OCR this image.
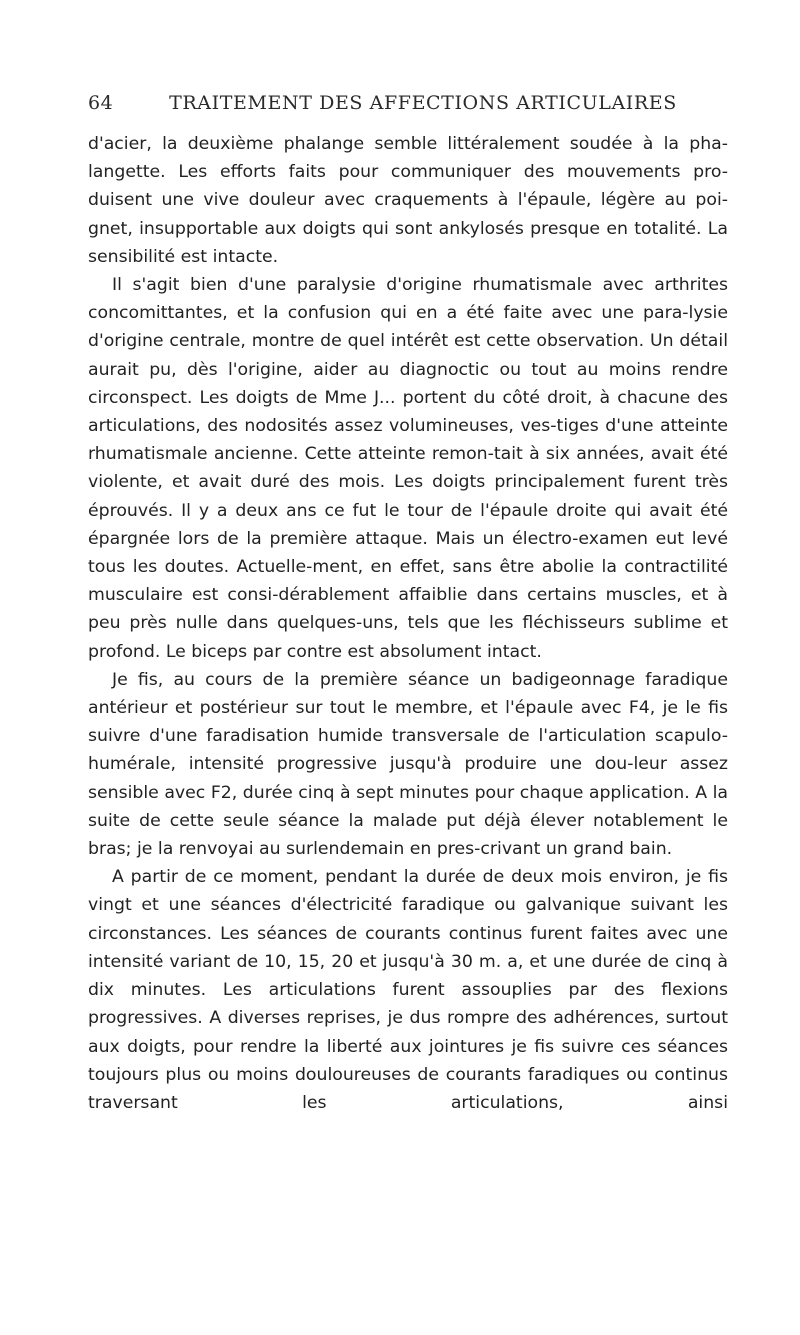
64	TRAITEMENT DES AFFECTIONS ARTICULAIRES

d'acier, la deuxième phalange semble littéralement soudée à la pha-langette. Les efforts faits pour communiquer des mouvements pro-duisent une vive douleur avec craquements à l'épaule, légère au poi-gnet, insupportable aux doigts qui sont ankylosés presque en totalité. La sensibilité est intacte.

Il s'agit bien d'une paralysie d'origine rhumatismale avec arthrites concomittantes, et la confusion qui en a été faite avec une para-lysie d'origine centrale, montre de quel intérêt est cette observation. Un détail aurait pu, dès l'origine, aider au diagnoctic ou tout au moins rendre circonspect. Les doigts de Mme J... portent du côté droit, à chacune des articulations, des nodosités assez volumineuses, ves-tiges d'une atteinte rhumatismale ancienne. Cette atteinte remon-tait à six années, avait été violente, et avait duré des mois. Les doigts principalement furent très éprouvés. Il y a deux ans ce fut le tour de l'épaule droite qui avait été épargnée lors de la première attaque. Mais un électro-examen eut levé tous les doutes. Actuelle-ment, en effet, sans être abolie la contractilité musculaire est consi-dérablement affaiblie dans certains muscles, et à peu près nulle dans quelques-uns, tels que les fléchisseurs sublime et profond. Le biceps par contre est absolument intact.

Je fis, au cours de la première séance un badigeonnage faradique antérieur et postérieur sur tout le membre, et l'épaule avec F4, je le fis suivre d'une faradisation humide transversale de l'articulation scapulo-humérale, intensité progressive jusqu'à produire une dou-leur assez sensible avec F2, durée cinq à sept minutes pour chaque application. A la suite de cette seule séance la malade put déjà élever notablement le bras; je la renvoyai au surlendemain en pres-crivant un grand bain.

A partir de ce moment, pendant la durée de deux mois environ, je fis vingt et une séances d'électricité faradique ou galvanique suivant les circonstances. Les séances de courants continus furent faites avec une intensité variant de 10, 15, 20 et jusqu'à 30 m. a, et une durée de cinq à dix minutes. Les articulations furent assouplies par des flexions progressives. A diverses reprises, je dus rompre des adhérences, surtout aux doigts, pour rendre la liberté aux jointures je fis suivre ces séances toujours plus ou moins douloureuses de courants faradiques ou continus traversant les articulations, ainsi
